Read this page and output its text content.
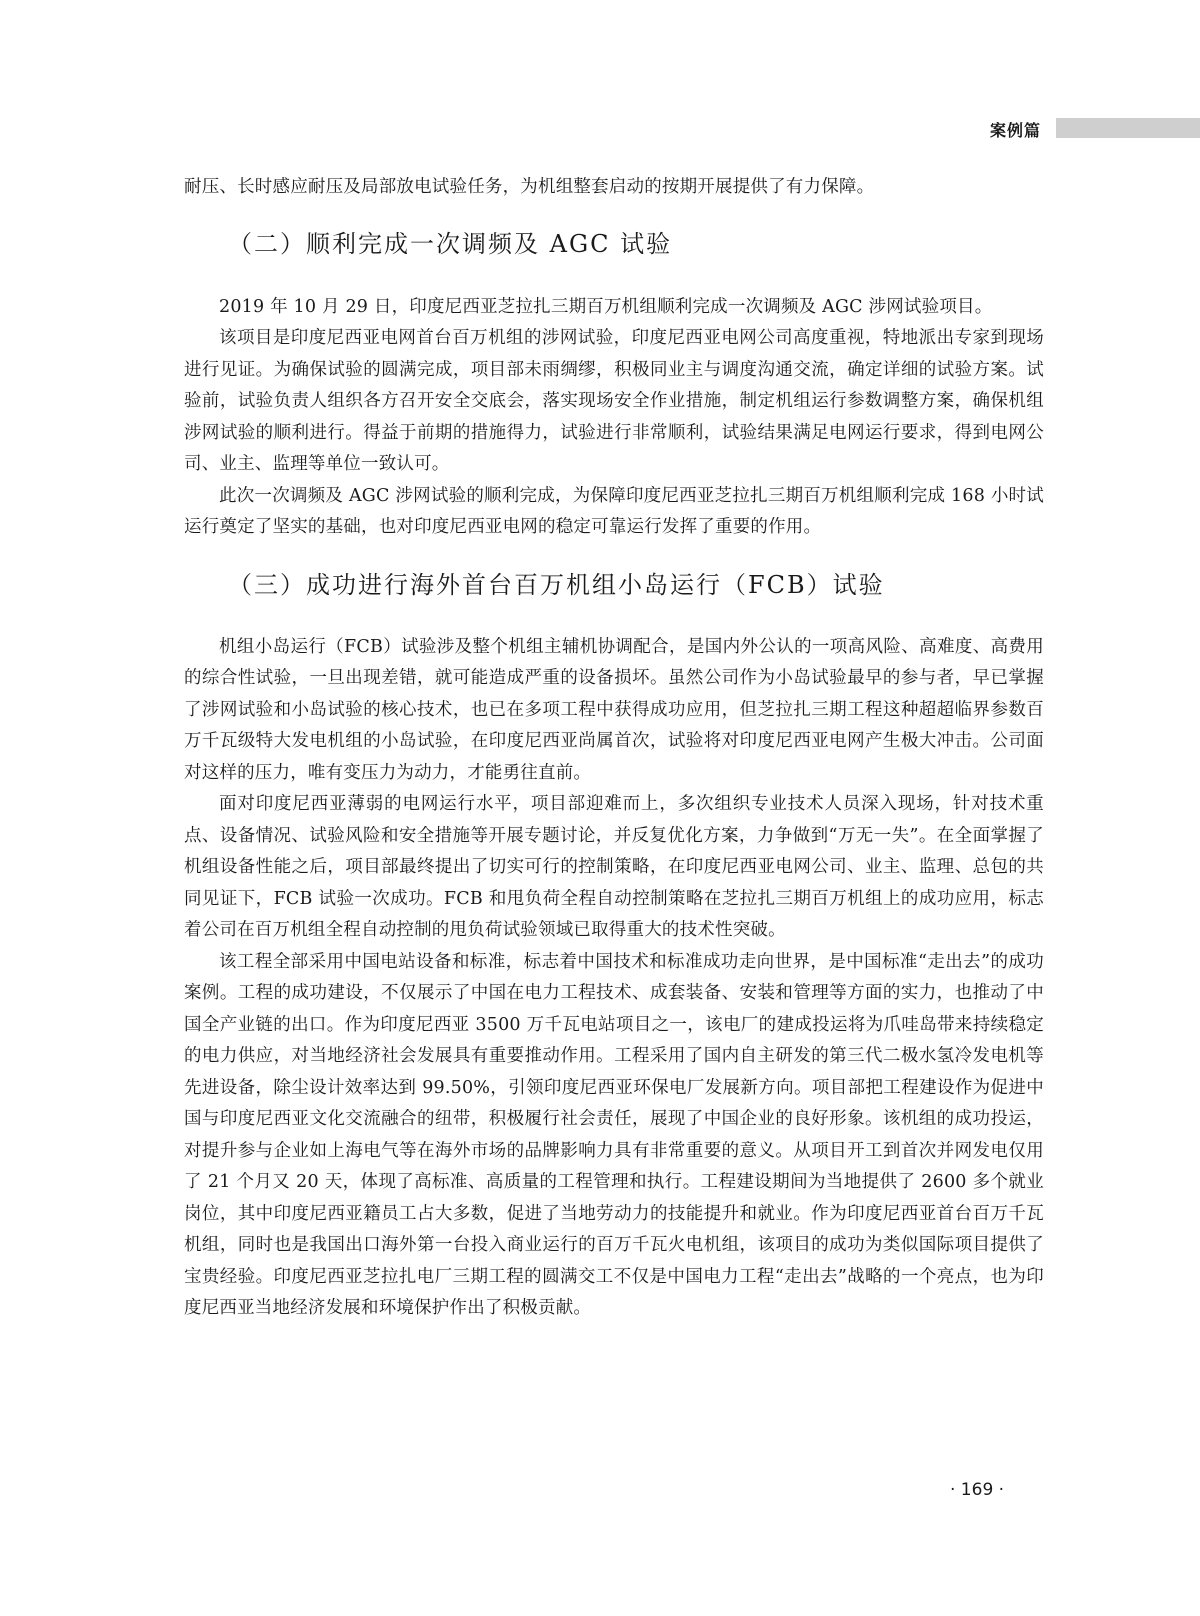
案例篇

耐压、长时感应耐压及局部放电试验任务，为机组整套启动的按期开展提供了有力保障。

（二）顺利完成一次调频及 AGC 试验

2019 年 10 月 29 日，印度尼西亚芝拉扎三期百万机组顺利完成一次调频及 AGC 涉网试验项目。

该项目是印度尼西亚电网首台百万机组的涉网试验，印度尼西亚电网公司高度重视，特地派出专家到现场进行见证。为确保试验的圆满完成，项目部未雨绸缪，积极同业主与调度沟通交流，确定详细的试验方案。试验前，试验负责人组织各方召开安全交底会，落实现场安全作业措施，制定机组运行参数调整方案，确保机组涉网试验的顺利进行。得益于前期的措施得力，试验进行非常顺利，试验结果满足电网运行要求，得到电网公司、业主、监理等单位一致认可。

此次一次调频及 AGC 涉网试验的顺利完成，为保障印度尼西亚芝拉扎三期百万机组顺利完成 168 小时试运行奠定了坚实的基础，也对印度尼西亚电网的稳定可靠运行发挥了重要的作用。

（三）成功进行海外首台百万机组小岛运行（FCB）试验

机组小岛运行（FCB）试验涉及整个机组主辅机协调配合，是国内外公认的一项高风险、高难度、高费用的综合性试验，一旦出现差错，就可能造成严重的设备损坏。虽然公司作为小岛试验最早的参与者，早已掌握了涉网试验和小岛试验的核心技术，也已在多项工程中获得成功应用，但芝拉扎三期工程这种超超临界参数百万千瓦级特大发电机组的小岛试验，在印度尼西亚尚属首次，试验将对印度尼西亚电网产生极大冲击。公司面对这样的压力，唯有变压力为动力，才能勇往直前。

面对印度尼西亚薄弱的电网运行水平，项目部迎难而上，多次组织专业技术人员深入现场，针对技术重点、设备情况、试验风险和安全措施等开展专题讨论，并反复优化方案，力争做到“万无一失”。在全面掌握了机组设备性能之后，项目部最终提出了切实可行的控制策略，在印度尼西亚电网公司、业主、监理、总包的共同见证下，FCB 试验一次成功。FCB 和甩负荷全程自动控制策略在芝拉扎三期百万机组上的成功应用，标志着公司在百万机组全程自动控制的甩负荷试验领域已取得重大的技术性突破。

该工程全部采用中国电站设备和标准，标志着中国技术和标准成功走向世界，是中国标准“走出去”的成功案例。工程的成功建设，不仅展示了中国在电力工程技术、成套装备、安装和管理等方面的实力，也推动了中国全产业链的出口。作为印度尼西亚 3500 万千瓦电站项目之一，该电厂的建成投运将为爪哇岛带来持续稳定的电力供应，对当地经济社会发展具有重要推动作用。工程采用了国内自主研发的第三代二极水氢冷发电机等先进设备，除尘设计效率达到 99.50%，引领印度尼西亚环保电厂发展新方向。项目部把工程建设作为促进中国与印度尼西亚文化交流融合的纽带，积极履行社会责任，展现了中国企业的良好形象。该机组的成功投运，对提升参与企业如上海电气等在海外市场的品牌影响力具有非常重要的意义。从项目开工到首次并网发电仅用了 21 个月又 20 天，体现了高标准、高质量的工程管理和执行。工程建设期间为当地提供了 2600 多个就业岗位，其中印度尼西亚籍员工占大多数，促进了当地劳动力的技能提升和就业。作为印度尼西亚首台百万千瓦机组，同时也是我国出口海外第一台投入商业运行的百万千瓦火电机组，该项目的成功为类似国际项目提供了宝贵经验。印度尼西亚芝拉扎电厂三期工程的圆满交工不仅是中国电力工程“走出去”战略的一个亮点，也为印度尼西亚当地经济发展和环境保护作出了积极贡献。

· 169 ·
